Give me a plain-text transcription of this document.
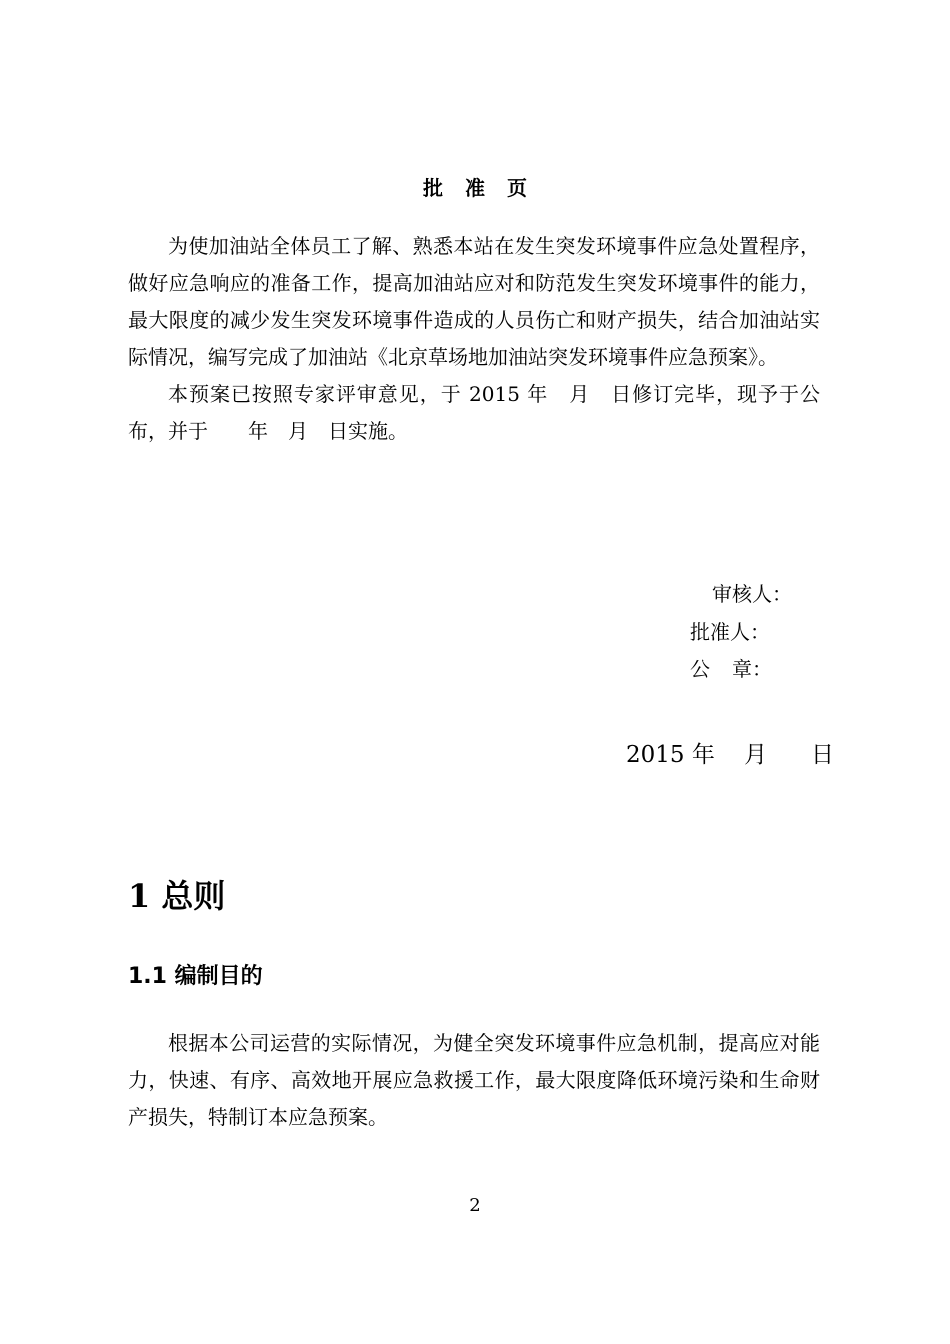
批准页

为使加油站全体员工了解、熟悉本站在发生突发环境事件应急处置程序，做好应急响应的准备工作，提高加油站应对和防范发生突发环境事件的能力，最大限度的减少发生突发环境事件造成的人员伤亡和财产损失，结合加油站实际情况，编写完成了加油站《北京草场地加油站突发环境事件应急预案》。

本预案已按照专家评审意见，于 2015 年　月　日修订完毕，现予于公布，并于　　年　月　日实施。

审核人：
批准人：
公 章：
2015 年    月      日
1 总则
1.1 编制目的

根据本公司运营的实际情况，为健全突发环境事件应急机制，提高应对能力，快速、有序、高效地开展应急救援工作，最大限度降低环境污染和生命财产损失，特制订本应急预案。

2
